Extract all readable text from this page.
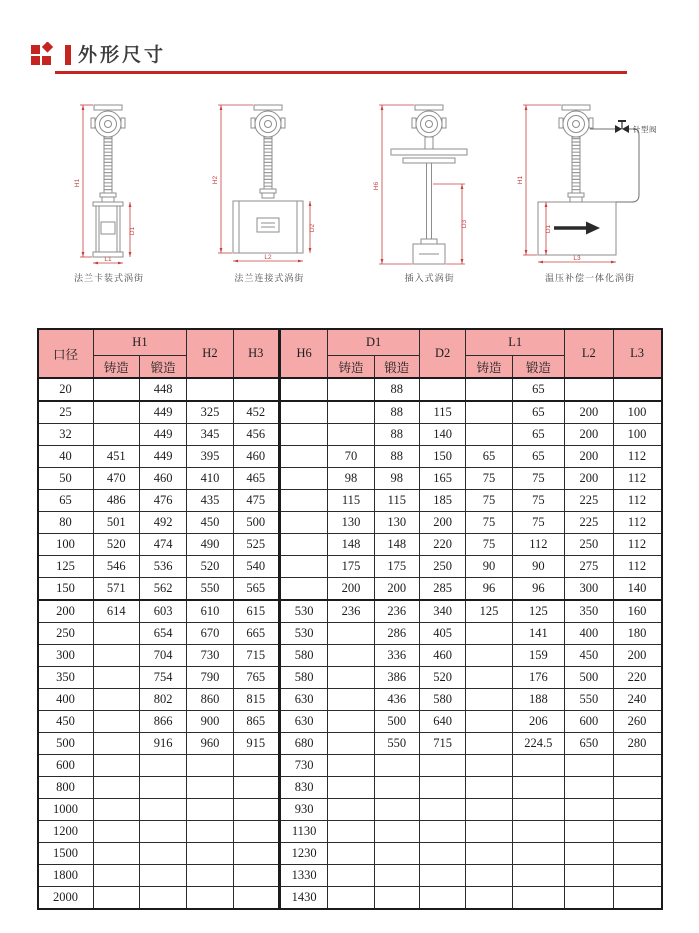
外形尺寸
H1
D1
L1
法兰卡装式涡街
H2
D2
L2
法兰连接式涡街
H6
D3
插入式涡街
针型阀
H1
D1
L3
温压补偿一体化涡街
口径	H1		H2	H3	H6	D1		D2	L1		L2	L3
	铸造	锻造				铸造	锻造		铸造	锻造		
20		448					88			65		
25		449	325	452			88	115		65	200	100
32		449	345	456			88	140		65	200	100
40	451	449	395	460		70	88	150	65	65	200	112
50	470	460	410	465		98	98	165	75	75	200	112
65	486	476	435	475		115	115	185	75	75	225	112
80	501	492	450	500		130	130	200	75	75	225	112
100	520	474	490	525		148	148	220	75	112	250	112
125	546	536	520	540		175	175	250	90	90	275	112
150	571	562	550	565		200	200	285	96	96	300	140
200	614	603	610	615	530	236	236	340	125	125	350	160
250		654	670	665	530		286	405		141	400	180
300		704	730	715	580		336	460		159	450	200
350		754	790	765	580		386	520		176	500	220
400		802	860	815	630		436	580		188	550	240
450		866	900	865	630		500	640		206	600	260
500		916	960	915	680		550	715		224.5	650	280
600					730							
800					830							
1000					930							
1200					1130							
1500					1230							
1800					1330							
2000					1430							
